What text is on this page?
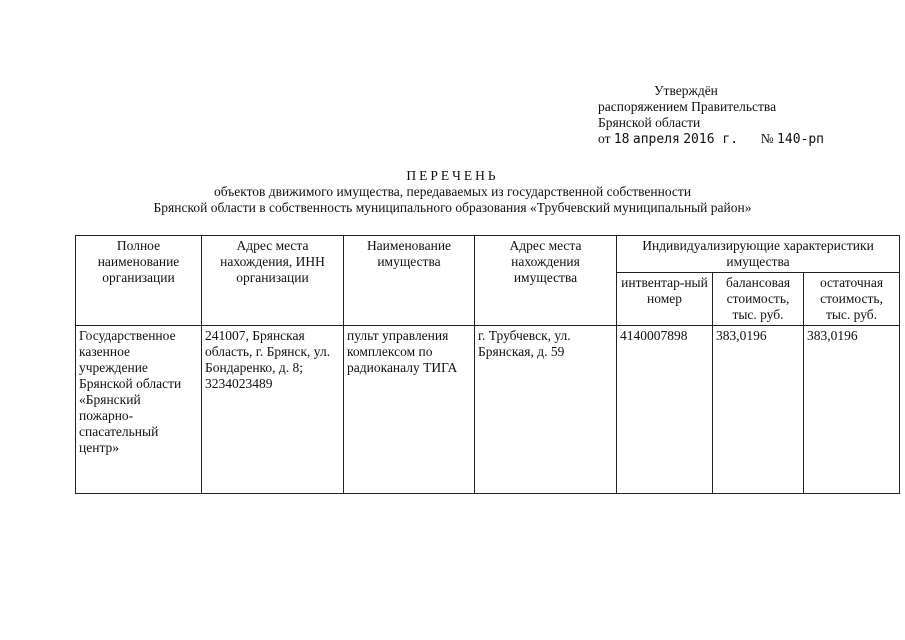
Утверждён
распоряжением Правительства
Брянской области
от 18 апреля 2016 г. № 140-рп
ПЕРЕЧЕНЬ
объектов движимого имущества, передаваемых из государственной собственности
Брянской области в собственность муниципального образования «Трубчевский муниципальный район»
Полное наименование организации	Адрес места нахождения, ИНН организации	Наименование имущества	Адрес места нахождения имущества	Индивидуализирующие характеристики имущества		
				интвентар-ный номер	балансовая стоимость, тыс. руб.	остаточная стоимость, тыс. руб.
Государственное казенное учреждение Брянской области «Брянский пожарно-спасательный центр»	241007, Брянская область, г. Брянск, ул. Бондаренко, д. 8; 3234023489	пульт управления комплексом по радиоканалу ТИГА	г. Трубчевск, ул. Брянская, д. 59	4140007898	383,0196	383,0196
